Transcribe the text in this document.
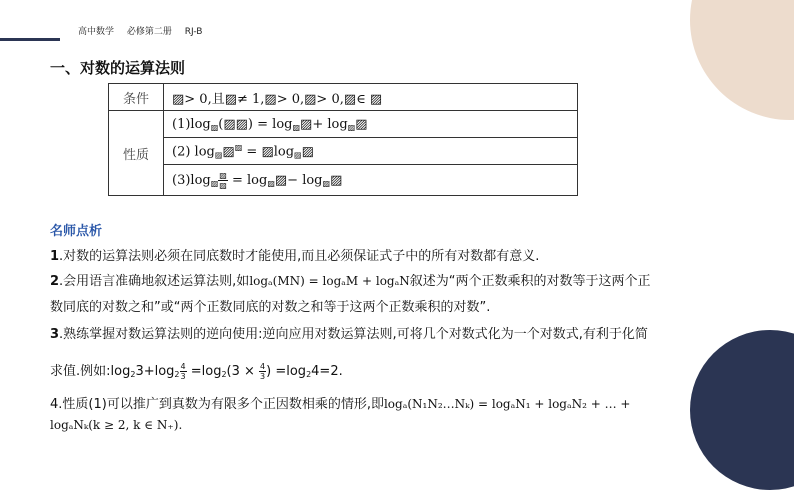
高中数学 必修第二册 RJ-B
一、对数的运算法则
条件	▨> 0,且▨≠ 1,▨> 0,▨> 0,▨∈ ▨
性质	$(1)\log_▨(▨▨)$ = $\log_▨▨+$ $\log_▨▨$
	(2) $\log_▨▨^▨$ = $▨\log_▨▨$
	$(3)\log_▨ \frac{▨}{▨}$ = $\log_▨▨-$ $\log_▨▨$
名师点析
1.对数的运算法则必须在同底数时才能使用,而且必须保证式子中的所有对数都有意义.
2.会用语言准确地叙述运算法则,如logₐ(MN) = logₐM + logₐN叙述为“两个正数乘积的对数等于这两个正
数同底的对数之和”或“两个正数同底的对数之和等于这两个正数乘积的对数”.
3.熟练掌握对数运算法则的逆向使用:逆向应用对数运算法则,可将几个对数式化为一个对数式,有利于化简
求值.例如$:\log_23+\log_2 \frac{4}{3} =\log_2(3 \times \frac{4}{3}$ ) $=\log_24=2$.
4.性质(1)可以推广到真数为有限多个正因数相乘的情形,即logₐ(N₁N₂…Nₖ) = logₐN₁ + logₐN₂ + … +
logₐNₖ(k ≥ 2, k ∈ N₊).
